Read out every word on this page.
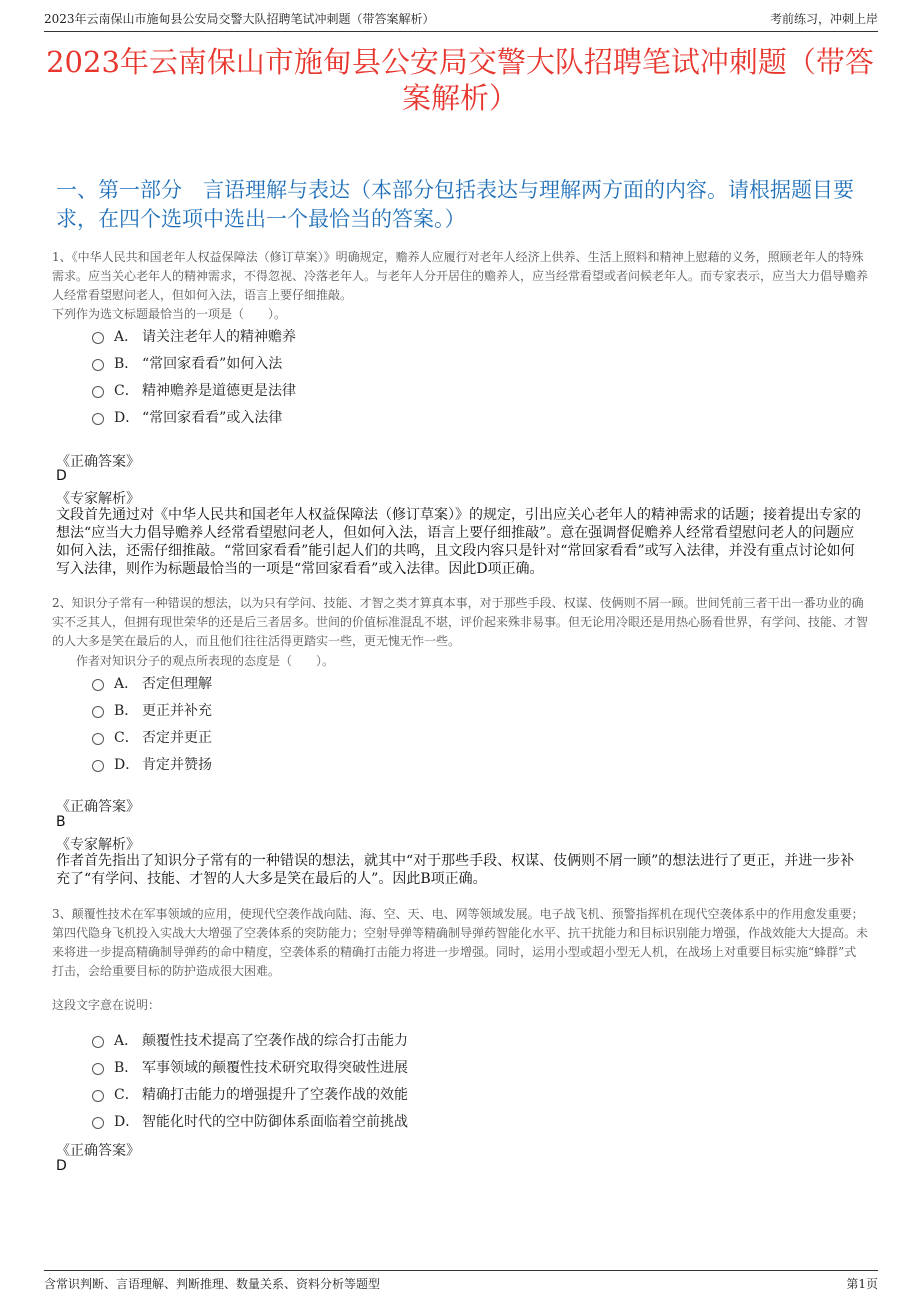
2023年云南保山市施甸县公安局交警大队招聘笔试冲刺题（带答案解析）	考前练习，冲刺上岸
2023年云南保山市施甸县公安局交警大队招聘笔试冲刺题（带答案解析）
一、第一部分　言语理解与表达（本部分包括表达与理解两方面的内容。请根据题目要求，在四个选项中选出一个最恰当的答案。）
1、《中华人民共和国老年人权益保障法（修订草案）》明确规定，赡养人应履行对老年人经济上供养、生活上照料和精神上慰藉的义务，照顾老年人的特殊需求。应当关心老年人的精神需求，不得忽视、冷落老年人。与老年人分开居住的赡养人，应当经常看望或者问候老年人。而专家表示，应当大力倡导赡养人经常看望慰问老人，但如何入法，语言上要仔细推敲。
下列作为选文标题最恰当的一项是（　　）。
A． 请关注老年人的精神赡养
B． “常回家看看”如何入法
C． 精神赡养是道德更是法律
D． “常回家看看”或入法律
《正确答案》
D
《专家解析》
文段首先通过对《中华人民共和国老年人权益保障法（修订草案）》的规定，引出应关心老年人的精神需求的话题；接着提出专家的想法“应当大力倡导赡养人经常看望慰问老人，但如何入法，语言上要仔细推敲”。意在强调督促赡养人经常看望慰问老人的问题应如何入法，还需仔细推敲。“常回家看看”能引起人们的共鸣，且文段内容只是针对“常回家看看”或写入法律，并没有重点讨论如何写入法律，则作为标题最恰当的一项是“常回家看看”或入法律。因此D项正确。
2、知识分子常有一种错误的想法，以为只有学问、技能、才智之类才算真本事，对于那些手段、权谋、伎俩则不屑一顾。世间凭前三者干出一番功业的确实不乏其人，但拥有现世荣华的还是后三者居多。世间的价值标准混乱不堪，评价起来殊非易事。但无论用冷眼还是用热心肠看世界，有学问、技能、才智的人大多是笑在最后的人，而且他们往往活得更踏实一些，更无愧无怍一些。
作者对知识分子的观点所表现的态度是（　　）。
A． 否定但理解
B． 更正并补充
C． 否定并更正
D． 肯定并赞扬
《正确答案》
B
《专家解析》
作者首先指出了知识分子常有的一种错误的想法，就其中“对于那些手段、权谋、伎俩则不屑一顾”的想法进行了更正，并进一步补充了“有学问、技能、才智的人大多是笑在最后的人”。因此B项正确。
3、颠覆性技术在军事领域的应用，使现代空袭作战向陆、海、空、天、电、网等领域发展。电子战飞机、预警指挥机在现代空袭体系中的作用愈发重要；第四代隐身飞机投入实战大大增强了空袭体系的突防能力；空射导弹等精确制导弹药智能化水平、抗干扰能力和目标识别能力增强，作战效能大大提高。未来将进一步提高精确制导弹药的命中精度，空袭体系的精确打击能力将进一步增强。同时，运用小型或超小型无人机，在战场上对重要目标实施“蜂群”式打击，会给重要目标的防护造成很大困难。
这段文字意在说明：
A． 颠覆性技术提高了空袭作战的综合打击能力
B． 军事领域的颠覆性技术研究取得突破性进展
C． 精确打击能力的增强提升了空袭作战的效能
D． 智能化时代的空中防御体系面临着空前挑战
《正确答案》
D
含常识判断、言语理解、判断推理、数量关系、资料分析等题型	第1页
